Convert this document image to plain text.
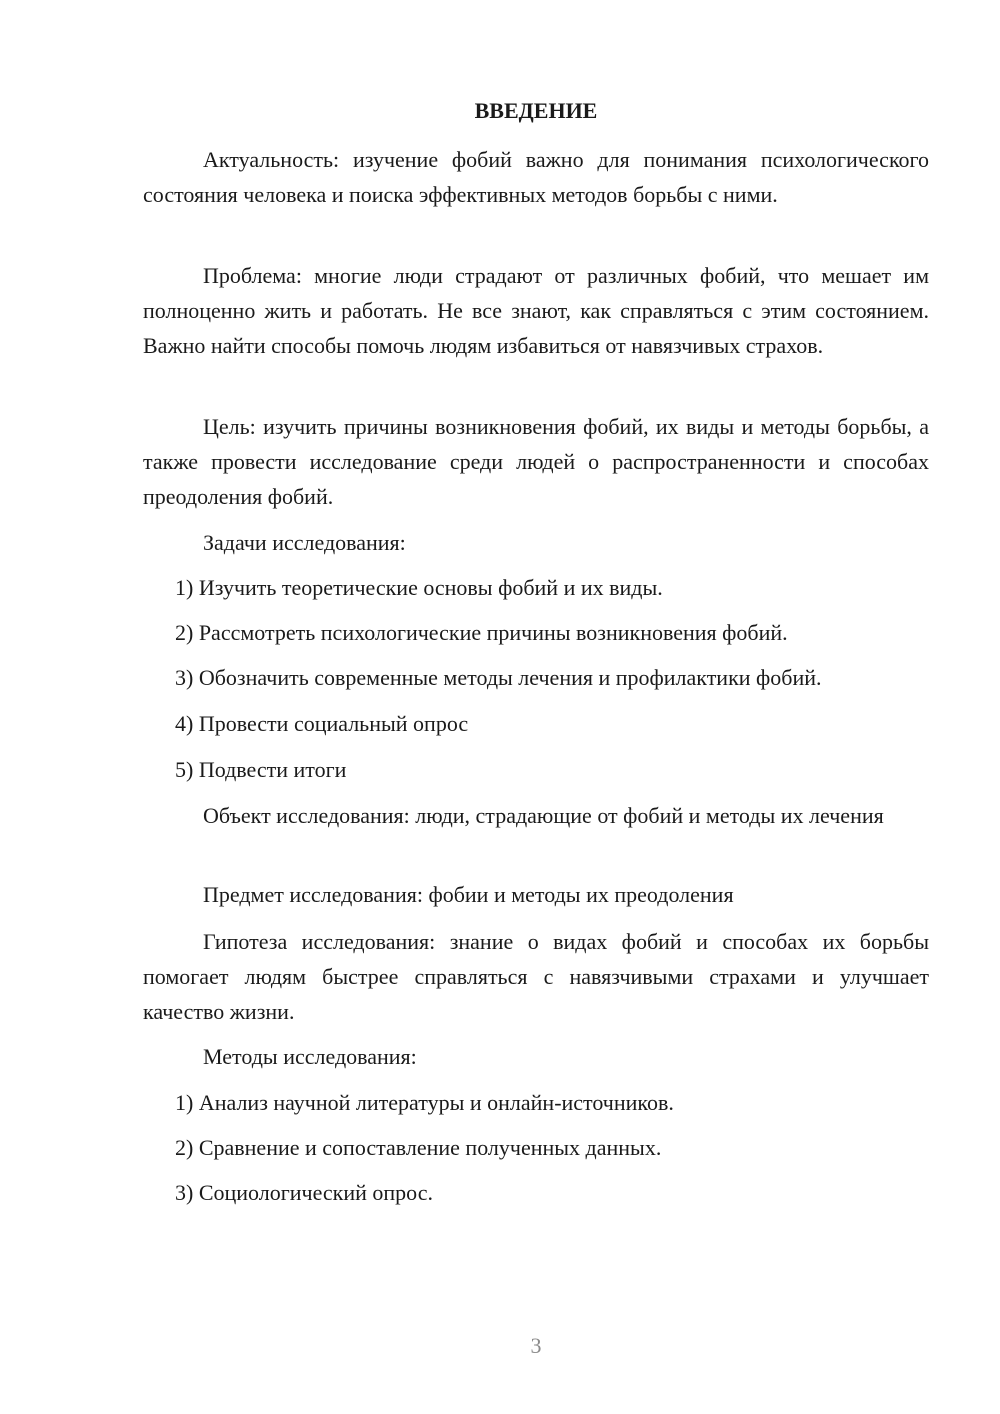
ВВЕДЕНИЕ

Актуальность: изучение фобий важно для понимания психологического состояния человека и поиска эффективных методов борьбы с ними.

Проблема: многие люди страдают от различных фобий, что мешает им полноценно жить и работать. Не все знают, как справляться с этим состоянием. Важно найти способы помочь людям избавиться от навязчивых страхов.

Цель: изучить причины возникновения фобий, их виды и методы борьбы, а также провести исследование среди людей о распространенности и способах преодоления фобий.

Задачи исследования:

1) Изучить теоретические основы фобий и их виды.

2) Рассмотреть психологические причины возникновения фобий.

3) Обозначить современные методы лечения и профилактики фобий.

4) Провести социальный опрос

5) Подвести итоги

Объект исследования: люди, страдающие от фобий и методы их лечения

Предмет исследования: фобии и методы их преодоления

Гипотеза исследования: знание о видах фобий и способах их борьбы помогает людям быстрее справляться с навязчивыми страхами и улучшает качество жизни.

Методы исследования:

1) Анализ научной литературы и онлайн-источников.

2) Сравнение и сопоставление полученных данных.

3) Социологический опрос.

3
